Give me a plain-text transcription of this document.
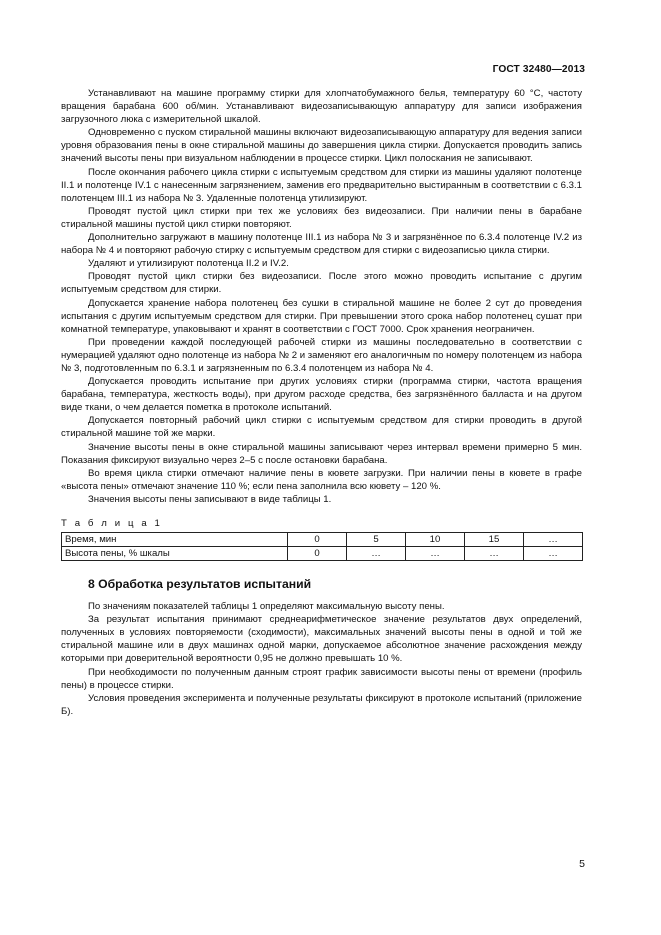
ГОСТ 32480—2013

Устанавливают на машине программу стирки для хлопчатобумажного белья, температуру 60 °С, частоту вращения барабана 600 об/мин. Устанавливают видеозаписывающую аппаратуру для записи изображения загрузочного люка с измерительной шкалой.

Одновременно с пуском стиральной машины включают видеозаписывающую аппаратуру для ведения записи уровня образования пены в окне стиральной машины до завершения цикла стирки. Допускается проводить запись значений высоты пены при визуальном наблюдении в процессе стирки. Цикл полоскания не записывают.

После окончания рабочего цикла стирки с испытуемым средством для стирки из машины удаляют полотенце II.1 и полотенце IV.1 с нанесенным загрязнением, заменив его предварительно выстиранным в соответствии с 6.3.1 полотенцем III.1 из набора № 3. Удаленные полотенца утилизируют.

Проводят пустой цикл стирки при тех же условиях без видеозаписи. При наличии пены в барабане стиральной машины пустой цикл стирки повторяют.

Дополнительно загружают в машину полотенце III.1 из набора № 3 и загрязнённое по 6.3.4 полотенце IV.2 из набора № 4 и повторяют рабочую стирку с испытуемым средством для стирки с видеозаписью цикла стирки.

Удаляют и утилизируют полотенца II.2 и IV.2.

Проводят пустой цикл стирки без видеозаписи. После этого можно проводить испытание с другим испытуемым средством для стирки.

Допускается хранение набора полотенец без сушки в стиральной машине не более 2 сут до проведения испытания с другим испытуемым средством для стирки. При превышении этого срока набор полотенец сушат при комнатной температуре, упаковывают и хранят в соответствии с ГОСТ 7000. Срок хранения неограничен.

При проведении каждой последующей рабочей стирки из машины последовательно в соответствии с нумерацией удаляют одно полотенце из набора № 2 и заменяют его аналогичным по номеру полотенцем из набора № 3, подготовленным по 6.3.1 и загрязненным по 6.3.4 полотенцем из набора № 4.

Допускается проводить испытание при других условиях стирки (программа стирки, частота вращения барабана, температура, жесткость воды), при другом расходе средства, без загрязнённого балласта и на другом виде ткани, о чем делается пометка в протоколе испытаний.

Допускается повторный рабочий цикл стирки с испытуемым средством для стирки проводить в другой стиральной машине той же марки.

Значение высоты пены в окне стиральной машины записывают через интервал времени примерно 5 мин. Показания фиксируют визуально через 2–5 с после остановки барабана.

Во время цикла стирки отмечают наличие пены в кювете загрузки. При наличии пены в кювете в графе «высота пены» отмечают значение 110 %; если пена заполнила всю кювету – 120 %.

Значения высоты пены записывают в виде таблицы 1.

Т а б л и ц а 1
Время, мин	0	5	10	15	…
Высота пены, % шкалы	0	…	…	…	…
8 Обработка результатов испытаний

По значениям показателей таблицы 1 определяют максимальную высоту пены.

За результат испытания принимают среднеарифметическое значение результатов двух определений, полученных в условиях повторяемости (сходимости), максимальных значений высоты пены в одной и той же стиральной машине или в двух машинах одной марки, допускаемое абсолютное значение расхождения между которыми при доверительной вероятности 0,95 не должно превышать 10 %.

При необходимости по полученным данным строят график зависимости высоты пены от времени (профиль пены) в процессе стирки.

Условия проведения эксперимента и полученные результаты фиксируют в протоколе испытаний (приложение Б).

5
